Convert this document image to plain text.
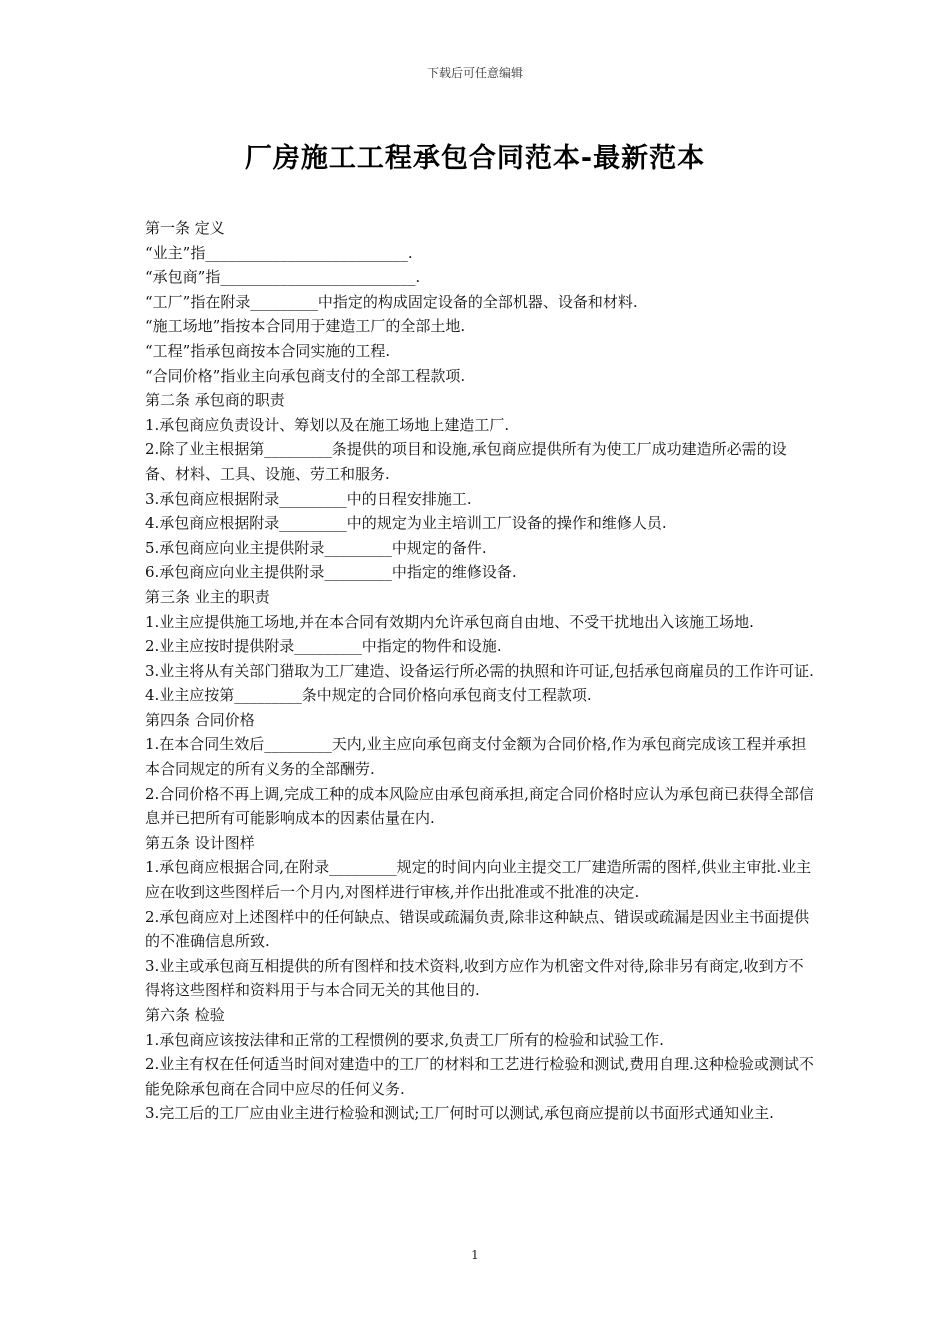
下载后可任意编辑
厂房施工工程承包合同范本-最新范本

第一条 定义

“业主”指___________________________.

“承包商”指__________________________.

“工厂”指在附录_________中指定的构成固定设备的全部机器、设备和材料.

“施工场地”指按本合同用于建造工厂的全部土地.

“工程”指承包商按本合同实施的工程.

“合同价格”指业主向承包商支付的全部工程款项.

第二条 承包商的职责

1.承包商应负责设计、筹划以及在施工场地上建造工厂.

2.除了业主根据第_________条提供的项目和设施,承包商应提供所有为使工厂成功建造所必需的设备、材料、工具、设施、劳工和服务.

3.承包商应根据附录_________中的日程安排施工.

4.承包商应根据附录_________中的规定为业主培训工厂设备的操作和维修人员.

5.承包商应向业主提供附录_________中规定的备件.

6.承包商应向业主提供附录_________中指定的维修设备.

第三条 业主的职责

1.业主应提供施工场地,并在本合同有效期内允许承包商自由地、不受干扰地出入该施工场地.

2.业主应按时提供附录_________中指定的物件和设施.

3.业主将从有关部门猎取为工厂建造、设备运行所必需的执照和许可证,包括承包商雇员的工作许可证.

4.业主应按第_________条中规定的合同价格向承包商支付工程款项.

第四条 合同价格

1.在本合同生效后_________天内,业主应向承包商支付金额为合同价格,作为承包商完成该工程并承担本合同规定的所有义务的全部酬劳.

2.合同价格不再上调,完成工种的成本风险应由承包商承担,商定合同价格时应认为承包商已获得全部信息并已把所有可能影响成本的因素估量在内.

第五条 设计图样

1.承包商应根据合同,在附录_________规定的时间内向业主提交工厂建造所需的图样,供业主审批.业主应在收到这些图样后一个月内,对图样进行审核,并作出批准或不批准的决定.

2.承包商应对上述图样中的任何缺点、错误或疏漏负责,除非这种缺点、错误或疏漏是因业主书面提供的不准确信息所致.

3.业主或承包商互相提供的所有图样和技术资料,收到方应作为机密文件对待,除非另有商定,收到方不得将这些图样和资料用于与本合同无关的其他目的.

第六条 检验

1.承包商应该按法律和正常的工程惯例的要求,负责工厂所有的检验和试验工作.

2.业主有权在任何适当时间对建造中的工厂的材料和工艺进行检验和测试,费用自理.这种检验或测试不能免除承包商在合同中应尽的任何义务.

3.完工后的工厂应由业主进行检验和测试;工厂何时可以测试,承包商应提前以书面形式通知业主.

1
